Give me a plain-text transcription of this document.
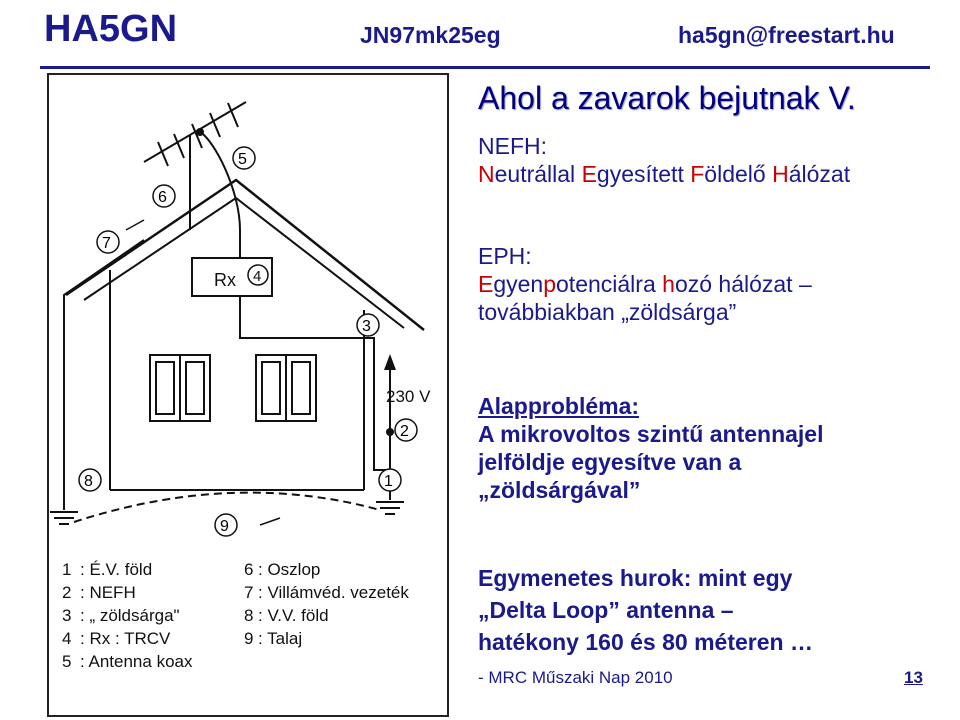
HA5GN	JN97mk25eg	ha5gn@freestart.hu
Rx 4
230 V
5
6
7
3
2
1
8
9
1 : É.V. föld
2 : NEFH
3 : „ zöldsárga"
4 : Rx : TRCV
5 : Antenna koax
6 : Oszlop
7 : Villámvéd. vezeték
8 : V.V. föld
9 : Talaj
Ahol a zavarok bejutnak V.
NEFH:
Neutrállal Egyesített Földelő Hálózat
EPH:
Egyenpotenciálra hozó hálózat –
továbbiakban „zöldsárga”
Alapprobléma:
A mikrovoltos szintű antennajel
jelföldje egyesítve van a
„zöldsárgával”
Egymenetes hurok: mint egy
„Delta Loop” antenna –
hatékony 160 és 80 méteren …
- MRC Műszaki Nap 2010	13
